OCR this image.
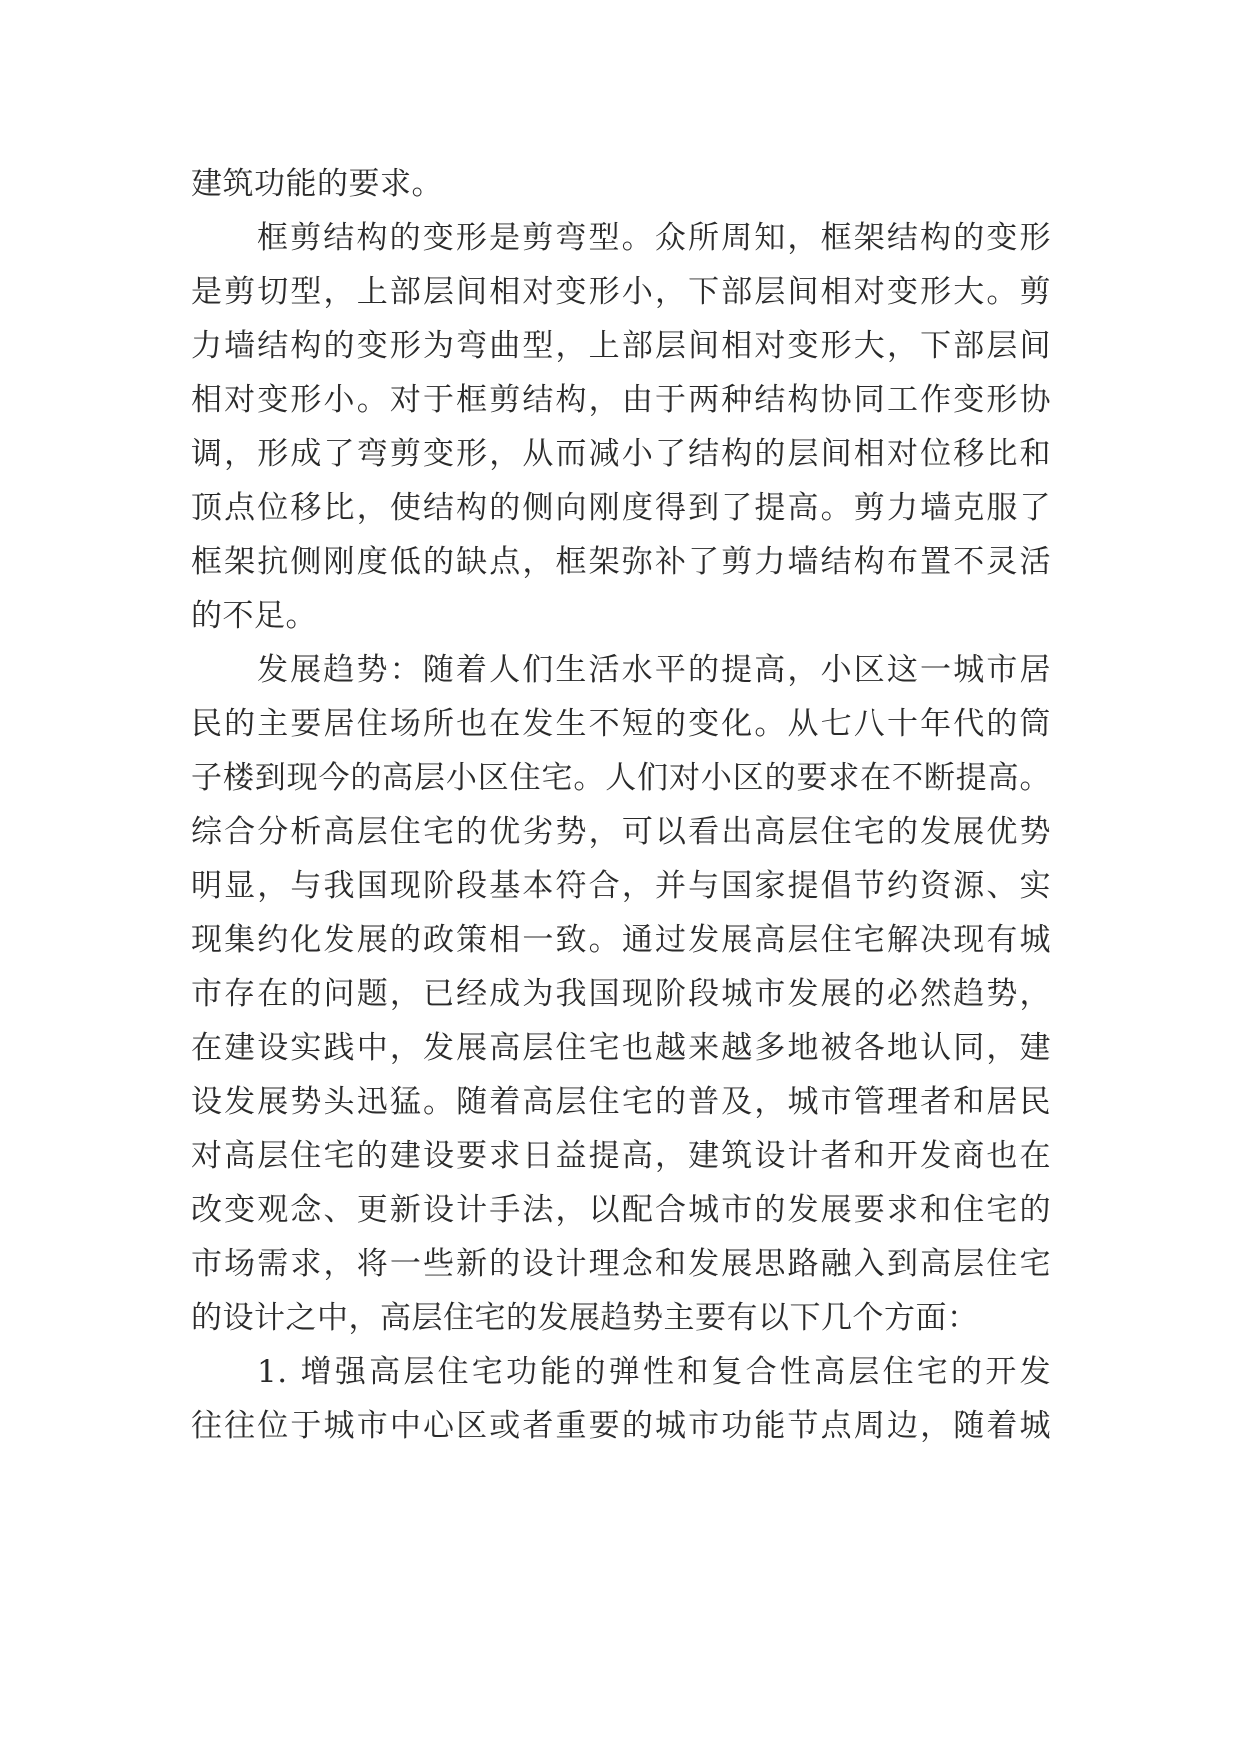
建筑功能的要求。
框剪结构的变形是剪弯型。众所周知，框架结构的变形
是剪切型，上部层间相对变形小，下部层间相对变形大。剪
力墙结构的变形为弯曲型，上部层间相对变形大，下部层间
相对变形小。对于框剪结构，由于两种结构协同工作变形协
调，形成了弯剪变形，从而减小了结构的层间相对位移比和
顶点位移比，使结构的侧向刚度得到了提高。剪力墙克服了
框架抗侧刚度低的缺点，框架弥补了剪力墙结构布置不灵活
的不足。
发展趋势：随着人们生活水平的提高，小区这一城市居
民的主要居住场所也在发生不短的变化。从七八十年代的筒
子楼到现今的高层小区住宅。人们对小区的要求在不断提高。
综合分析高层住宅的优劣势，可以看出高层住宅的发展优势
明显，与我国现阶段基本符合，并与国家提倡节约资源、实
现集约化发展的政策相一致。通过发展高层住宅解决现有城
市存在的问题，已经成为我国现阶段城市发展的必然趋势，
在建设实践中，发展高层住宅也越来越多地被各地认同，建
设发展势头迅猛。随着高层住宅的普及，城市管理者和居民
对高层住宅的建设要求日益提高，建筑设计者和开发商也在
改变观念、更新设计手法，以配合城市的发展要求和住宅的
市场需求，将一些新的设计理念和发展思路融入到高层住宅
的设计之中，高层住宅的发展趋势主要有以下几个方面：
1. 增强高层住宅功能的弹性和复合性高层住宅的开发
往往位于城市中心区或者重要的城市功能节点周边，随着城
